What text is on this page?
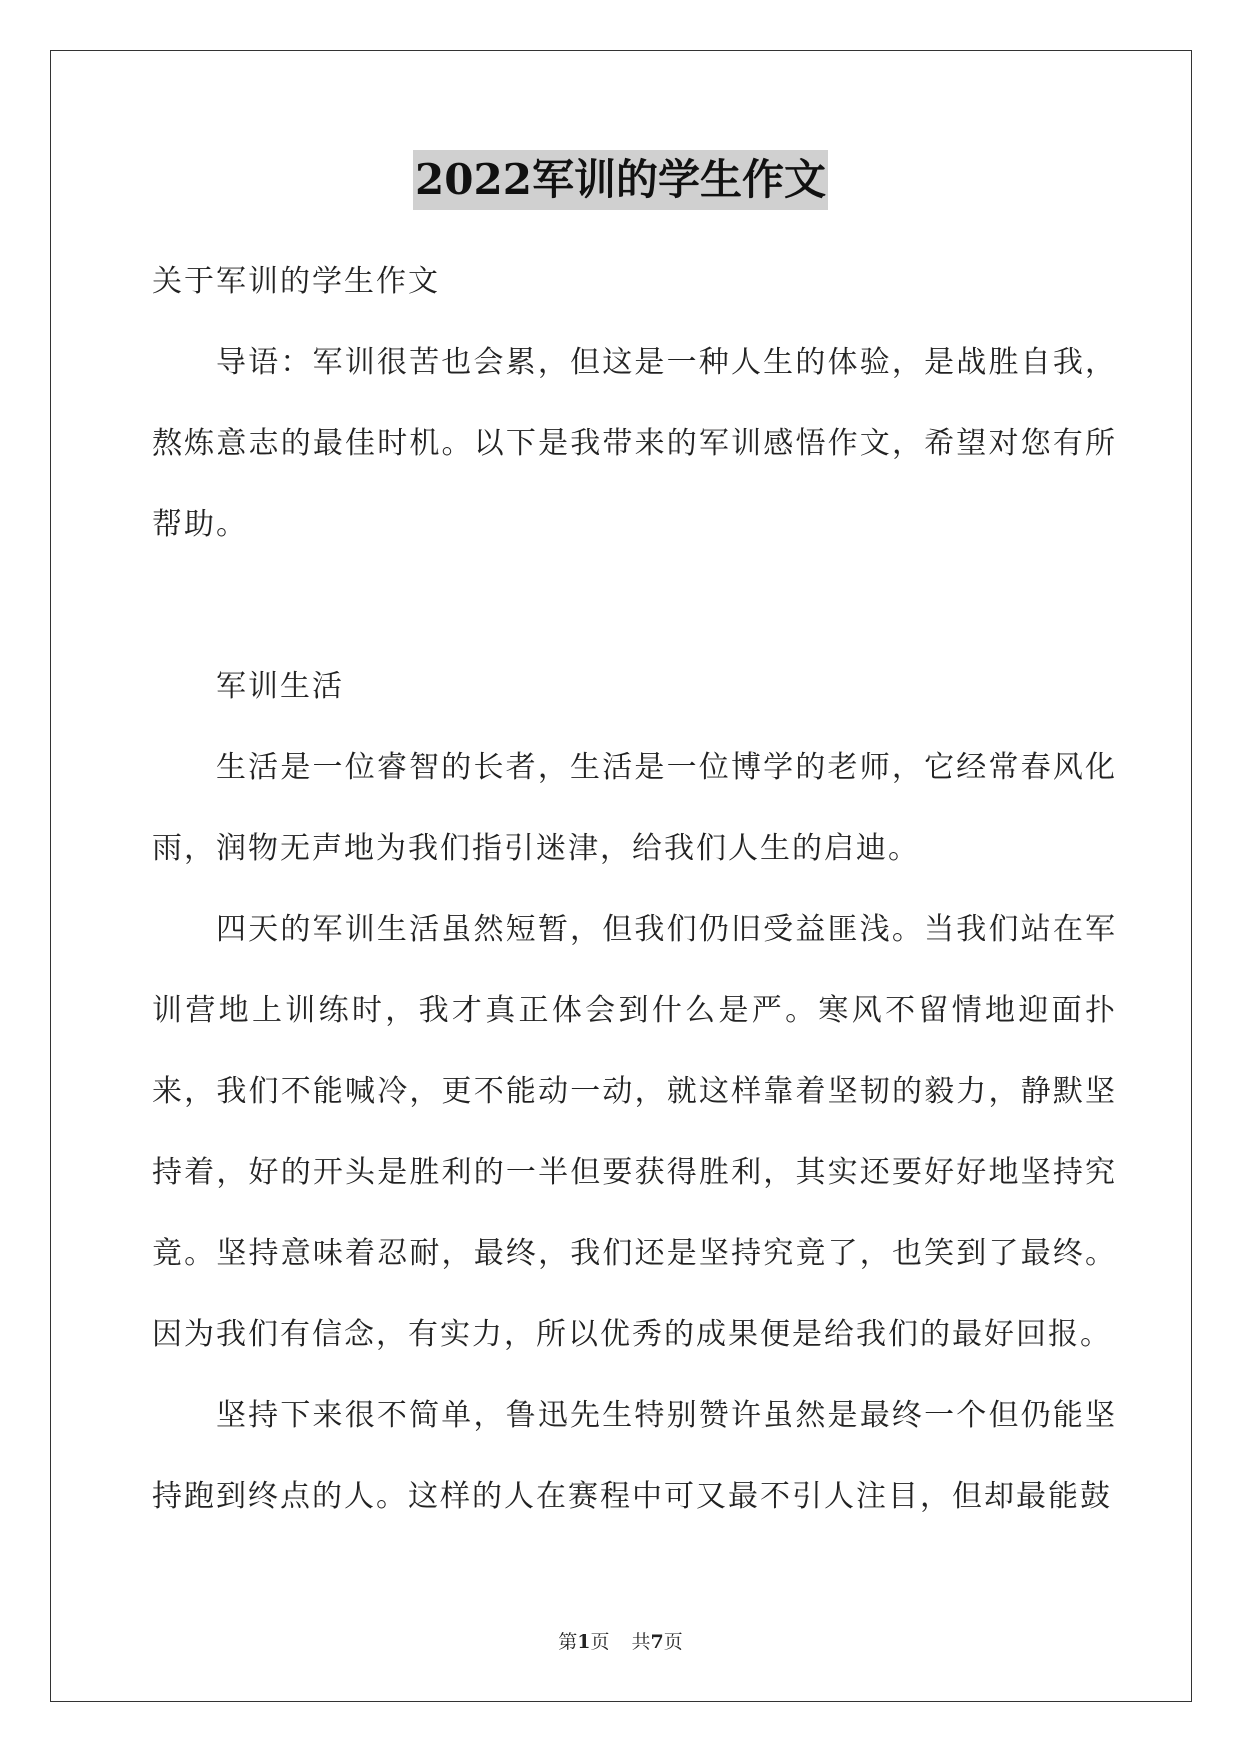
2022军训的学生作文

关于军训的学生作文

导语：军训很苦也会累，但这是一种人生的体验，是战胜自我，熬炼意志的最佳时机。以下是我带来的军训感悟作文，希望对您有所帮助。

军训生活

生活是一位睿智的长者，生活是一位博学的老师，它经常春风化雨，润物无声地为我们指引迷津，给我们人生的启迪。

四天的军训生活虽然短暂，但我们仍旧受益匪浅。当我们站在军训营地上训练时，我才真正体会到什么是严。寒风不留情地迎面扑来，我们不能喊冷，更不能动一动，就这样靠着坚韧的毅力，静默坚持着，好的开头是胜利的一半但要获得胜利，其实还要好好地坚持究竟。坚持意味着忍耐，最终，我们还是坚持究竟了，也笑到了最终。因为我们有信念，有实力，所以优秀的成果便是给我们的最好回报。

坚持下来很不简单，鲁迅先生特别赞许虽然是最终一个但仍能坚持跑到终点的人。这样的人在赛程中可又最不引人注目，但却最能鼓

第1页 共7页
